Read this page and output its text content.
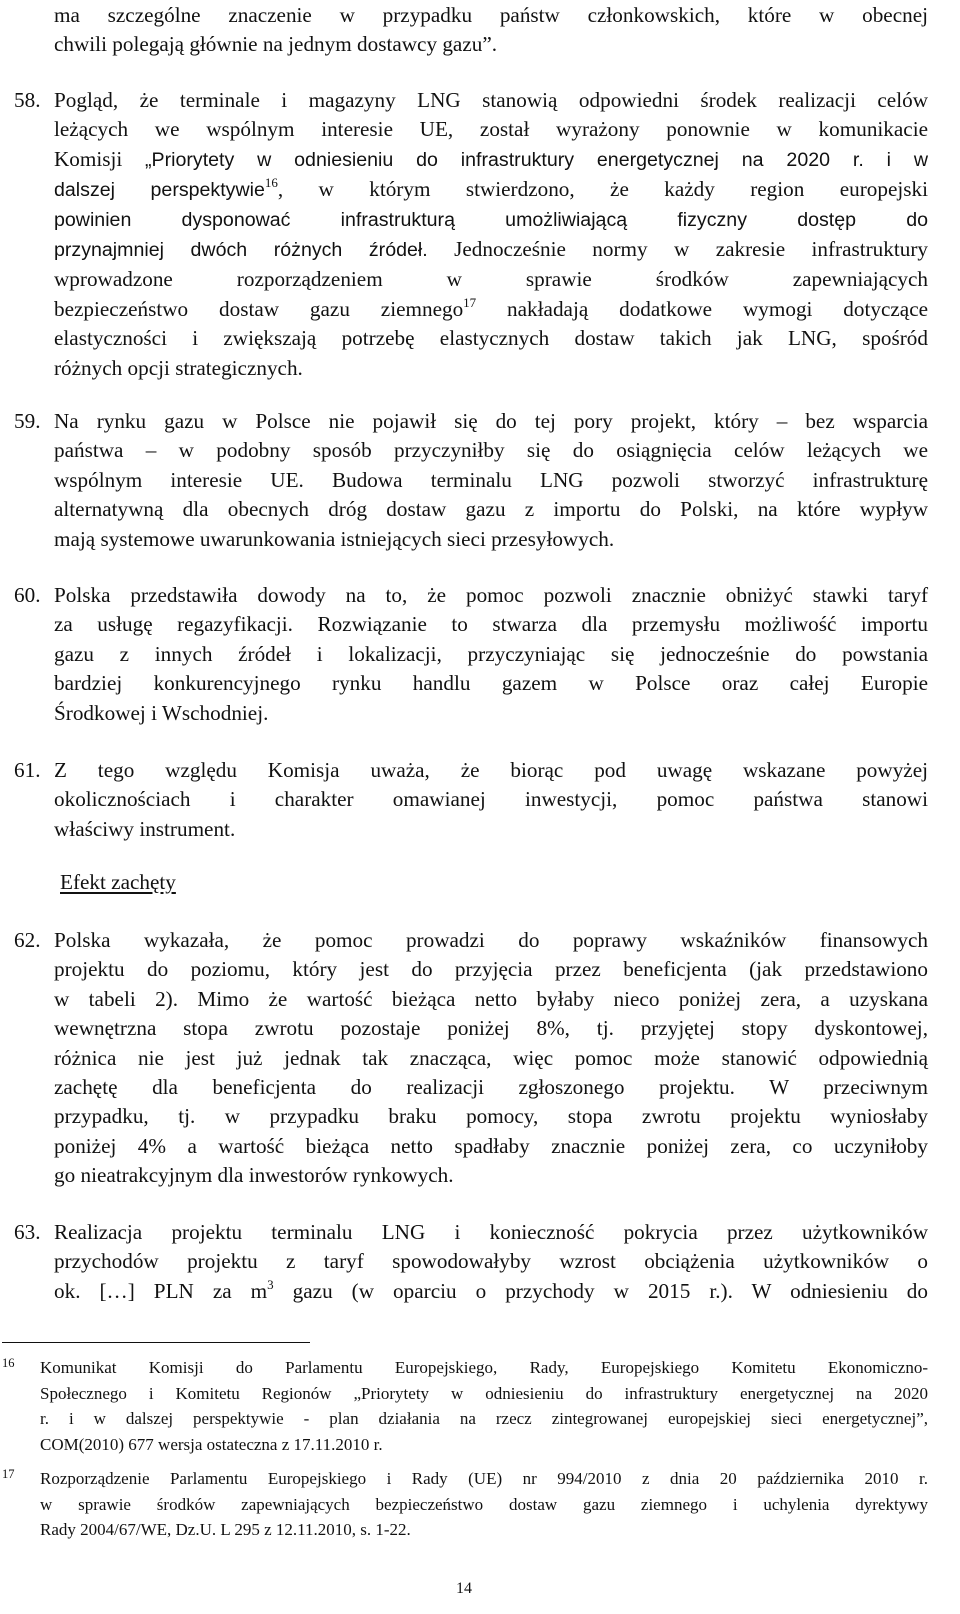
ma szczególne znaczenie w przypadku państw członkowskich, które w obecnej
chwili polegają głównie na jednym dostawcy gazu”.
58. Pogląd, że terminale i magazyny LNG stanowią odpowiedni środek realizacji celów
leżących we wspólnym interesie UE, został wyrażony ponownie w komunikacie
Komisji „Priorytety w odniesieniu do infrastruktury energetycznej na 2020 r. i w
dalszej perspektywie$^{16}$, w którym stwierdzono, że każdy region europejski
powinien dysponować infrastrukturą umożliwiającą fizyczny dostęp do
przynajmniej dwóch różnych źródeł. Jednocześnie normy w zakresie infrastruktury
wprowadzone rozporządzeniem w sprawie środków zapewniających
bezpieczeństwo dostaw gazu ziemnego$^{17}$ nakładają dodatkowe wymogi dotyczące
elastyczności i zwiększają potrzebę elastycznych dostaw takich jak LNG, spośród
różnych opcji strategicznych.
59. Na rynku gazu w Polsce nie pojawił się do tej pory projekt, który – bez wsparcia
państwa – w podobny sposób przyczyniłby się do osiągnięcia celów leżących we
wspólnym interesie UE. Budowa terminalu LNG pozwoli stworzyć infrastrukturę
alternatywną dla obecnych dróg dostaw gazu z importu do Polski, na które wypływ
mają systemowe uwarunkowania istniejących sieci przesyłowych.
60. Polska przedstawiła dowody na to, że pomoc pozwoli znacznie obniżyć stawki taryf
za usługę regazyfikacji. Rozwiązanie to stwarza dla przemysłu możliwość importu
gazu z innych źródeł i lokalizacji, przyczyniając się jednocześnie do powstania
bardziej konkurencyjnego rynku handlu gazem w Polsce oraz całej Europie
Środkowej i Wschodniej.
61. Z tego względu Komisja uważa, że biorąc pod uwagę wskazane powyżej
okolicznościach i charakter omawianej inwestycji, pomoc państwa stanowi
właściwy instrument.
Efekt zachęty
62. Polska wykazała, że pomoc prowadzi do poprawy wskaźników finansowych
projektu do poziomu, który jest do przyjęcia przez beneficjenta (jak przedstawiono
w tabeli 2). Mimo że wartość bieżąca netto byłaby nieco poniżej zera, a uzyskana
wewnętrzna stopa zwrotu pozostaje poniżej 8%, tj. przyjętej stopy dyskontowej,
różnica nie jest już jednak tak znacząca, więc pomoc może stanowić odpowiednią
zachętę dla beneficjenta do realizacji zgłoszonego projektu. W przeciwnym
przypadku, tj. w przypadku braku pomocy, stopa zwrotu projektu wyniosłaby
poniżej 4% a wartość bieżąca netto spadłaby znacznie poniżej zera, co uczyniłoby
go nieatrakcyjnym dla inwestorów rynkowych.
63. Realizacja projektu terminalu LNG i konieczność pokrycia przez użytkowników
przychodów projektu z taryf spowodowałyby wzrost obciążenia użytkowników o
ok. […] PLN za $m^3$ gazu (w oparciu o przychody w 2015 r.). W odniesieniu do
16 Komunikat Komisji do Parlamentu Europejskiego, Rady, Europejskiego Komitetu Ekonomiczno-
Społecznego i Komitetu Regionów „Priorytety w odniesieniu do infrastruktury energetycznej na 2020
r. i w dalszej perspektywie - plan działania na rzecz zintegrowanej europejskiej sieci energetycznej”,
COM(2010) 677 wersja ostateczna z 17.11.2010 r.
17 Rozporządzenie Parlamentu Europejskiego i Rady (UE) nr 994/2010 z dnia 20 października 2010 r.
w sprawie środków zapewniających bezpieczeństwo dostaw gazu ziemnego i uchylenia dyrektywy
Rady 2004/67/WE, Dz.U. L 295 z 12.11.2010, s. 1-22.
14
